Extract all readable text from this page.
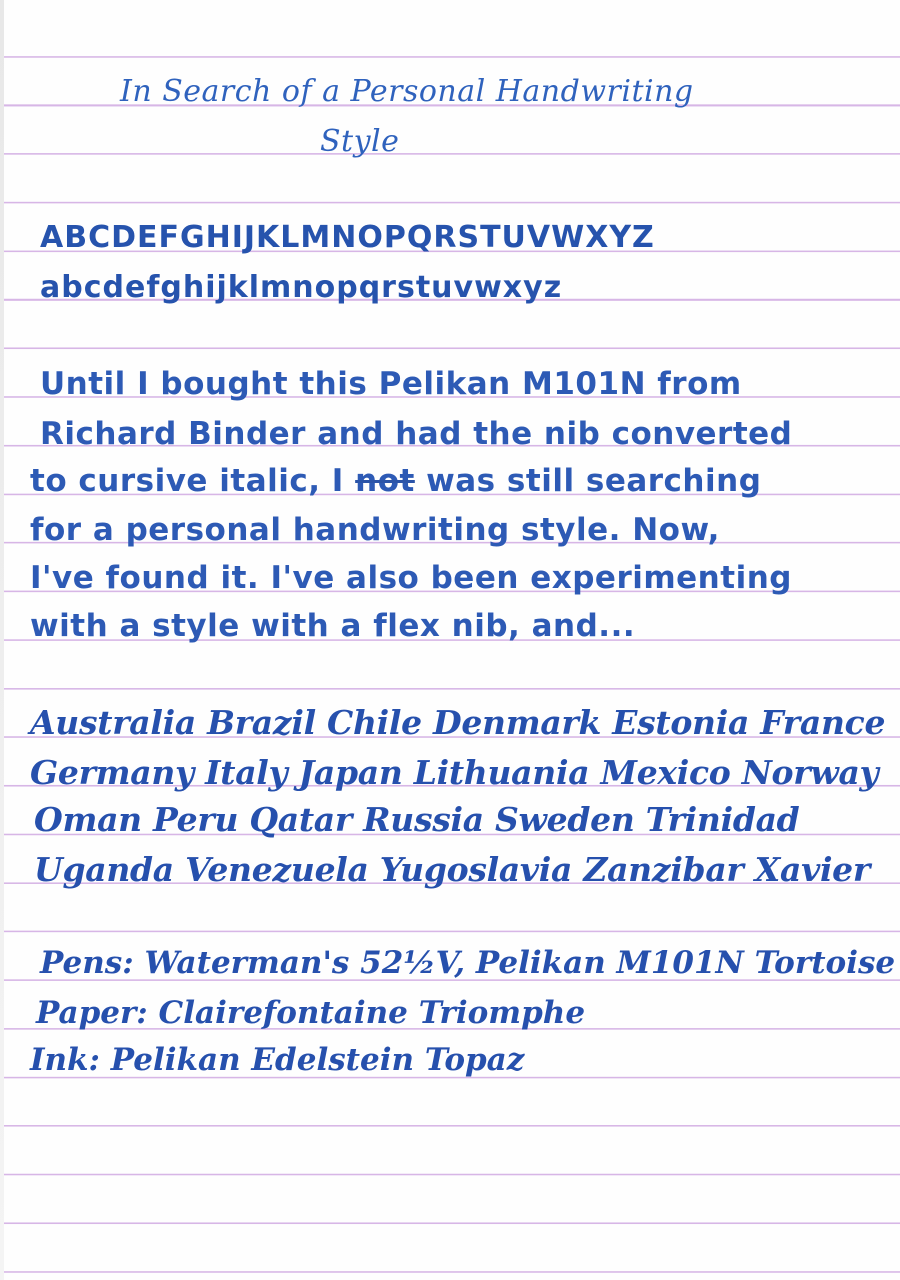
In Search of a Personal Handwriting

Style

ABCDEFGHIJKLMNOPQRSTUVWXYZ

abcdefghijklmnopqrstuvwxyz

Until I bought this Pelikan M101N from

Richard Binder and had the nib converted

to cursive italic, I not was still searching

for a personal handwriting style. Now,

I've found it. I've also been experimenting

with a style with a flex nib, and...

Australia Brazil Chile Denmark Estonia France

Germany Italy Japan Lithuania Mexico Norway

Oman Peru Qatar Russia Sweden Trinidad

Uganda Venezuela Yugoslavia Zanzibar Xavier

Pens: Waterman's 52½V, Pelikan M101N Tortoise

Paper: Clairefontaine Triomphe

Ink: Pelikan Edelstein Topaz
